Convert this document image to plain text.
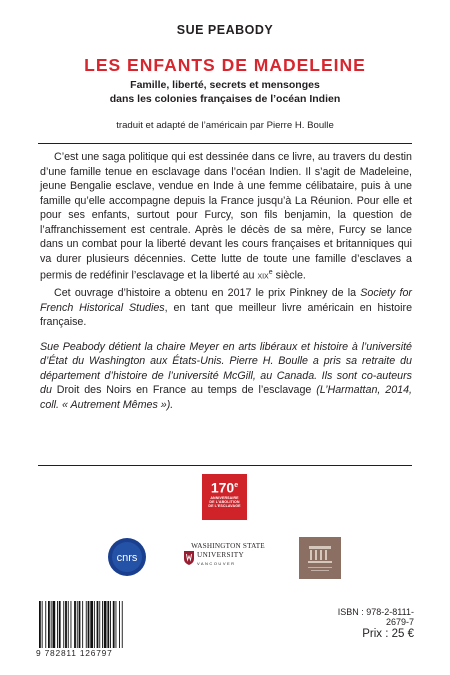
SUE PEABODY
LES ENFANTS DE MADELEINE
Famille, liberté, secrets et mensonges
dans les colonies françaises de l’océan Indien
traduit et adapté de l’américain par Pierre H. Boulle

C’est une saga politique qui est dessinée dans ce livre, au travers du destin d’une famille tenue en esclavage dans l’océan Indien. Il s’agit de Madeleine, jeune Bengalie esclave, vendue en Inde à une femme célibataire, puis à une famille qu’elle accompagne depuis la France jusqu’à La Réunion. Pour elle et pour ses enfants, surtout pour Furcy, son fils benjamin, la question de l’affranchissement est centrale. Après le décès de sa mère, Furcy se lance dans un combat pour la liberté devant les cours françaises et britanniques qui va durer plusieurs décennies. Cette lutte de toute une famille d’esclaves a permis de redéfinir l’esclavage et la liberté au xix$^e$ siècle.

Cet ouvrage d’histoire a obtenu en 2017 le prix Pinkney de la Society for French Historical Studies, en tant que meilleur livre américain en histoire française.

Sue Peabody détient la chaire Meyer en arts libéraux et histoire à l’université d’État du Washington aux États-Unis. Pierre H. Boulle a pris sa retraite du département d’histoire de l’université McGill, au Canada. Ils sont co-auteurs du Droit des Noirs en France au temps de l’esclavage (L’Harmattan, 2014, coll. « Autrement Mêmes »).

170e
ANNIVERSAIRE
DE L’ABOLITION
DE L’ESCLAVAGE
cnrs
WASHINGTON STATE
UNIVERSITY
VANCOUVER
9 782811 126797
ISBN : 978-2-8111-2679-7
Prix : 25 €
